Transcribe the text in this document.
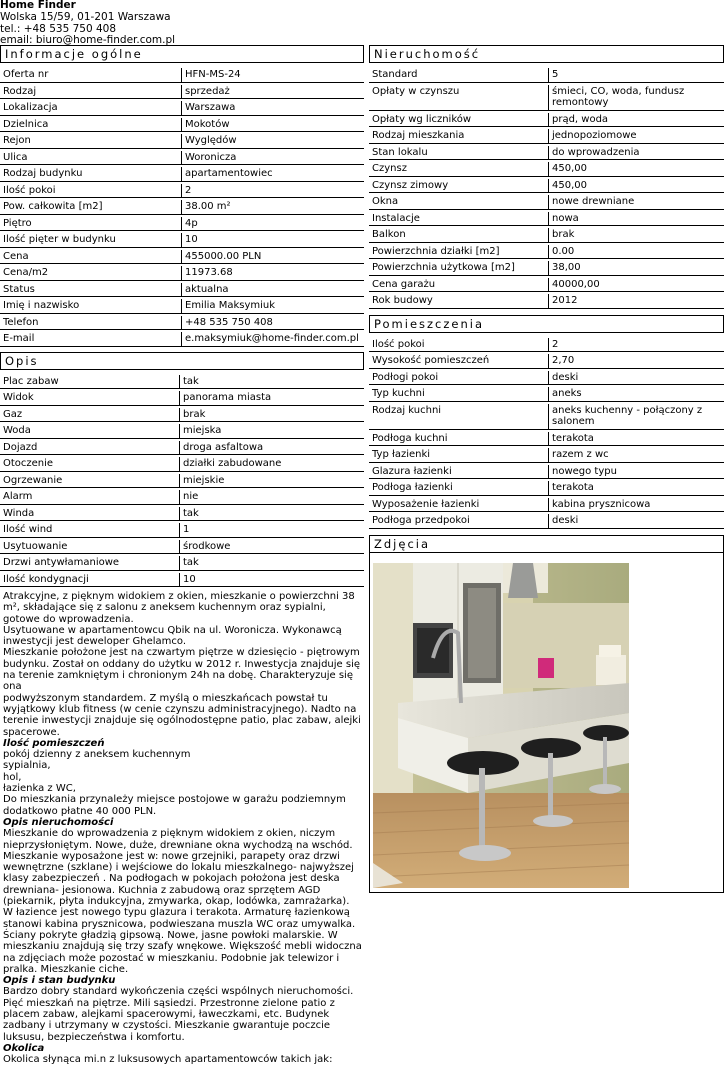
Home Finder
Wolska 15/59, 01-201 Warszawa
tel.: +48 535 750 408
email: biuro@home-finder.com.pl
Informacje ogólne
Oferta nr	HFN-MS-24
Rodzaj	sprzedaż
Lokalizacja	Warszawa
Dzielnica	Mokotów
Rejon	Wyględów
Ulica	Woronicza
Rodzaj budynku	apartamentowiec
Ilość pokoi	2
Pow. całkowita [m2]	38.00 m²
Piętro	4p
Ilość pięter w budynku	10
Cena	455000.00 PLN
Cena/m2	11973.68
Status	aktualna
Imię i nazwisko	Emilia Maksymiuk
Telefon	+48 535 750 408
E-mail	e.maksymiuk@home-finder.com.pl
Opis
Plac zabaw	tak
Widok	panorama miasta
Gaz	brak
Woda	miejska
Dojazd	droga asfaltowa
Otoczenie	działki zabudowane
Ogrzewanie	miejskie
Alarm	nie
Winda	tak
Ilość wind	1
Usytuowanie	środkowe
Drzwi antywłamaniowe	tak
Ilość kondygnacji	10

Atrakcyjne, z pięknym widokiem z okien, mieszkanie o powierzchni 38 m², składające się z salonu z aneksem kuchennym oraz sypialni, gotowe do wprowadzenia.

Usytuowane w apartamentowcu Qbik na ul. Woronicza. Wykonawcą inwestycji jest deweloper Ghelamco.

Mieszkanie położone jest na czwartym piętrze w dziesięcio - piętrowym budynku. Został on oddany do użytku w 2012 r. Inwestycja znajduje się na terenie zamkniętym i chronionym 24h na dobę. Charakteryzuje się ona

podwyższonym standardem. Z myślą o mieszkańcach powstał tu wyjątkowy klub fitness (w cenie czynszu administracyjnego). Nadto na terenie inwestycji znajduje się ogólnodostępne patio, plac zabaw, alejki spacerowe.

Ilość pomieszczeń

pokój dzienny z aneksem kuchennym

sypialnia,

hol,

łazienka z WC,

Do mieszkania przynależy miejsce postojowe w garażu podziemnym dodatkowo płatne 40 000 PLN.

Opis nieruchomości

Mieszkanie do wprowadzenia z pięknym widokiem z okien, niczym nieprzysłoniętym. Nowe, duże, drewniane okna wychodzą na wschód. Mieszkanie wyposażone jest w: nowe grzejniki, parapety oraz drzwi wewnętrzne (szklane) i wejściowe do lokalu mieszkalnego- najwyższej klasy zabezpieczeń . Na podłogach w pokojach położona jest deska drewniana- jesionowa. Kuchnia z zabudową oraz sprzętem AGD (piekarnik, płyta indukcyjna, zmywarka, okap, lodówka, zamrażarka). W łazience jest nowego typu glazura i terakota. Armaturę łazienkową stanowi kabina prysznicowa, podwieszana muszla WC oraz umywalka. Ściany pokryte gładzią gipsową. Nowe, jasne powłoki malarskie. W mieszkaniu znajdują się trzy szafy wnękowe. Większość mebli widoczna na zdjęciach może pozostać w mieszkaniu. Podobnie jak telewizor i pralka. Mieszkanie ciche.

Opis i stan budynku

Bardzo dobry standard wykończenia części wspólnych nieruchomości. Pięć mieszkań na piętrze. Mili sąsiedzi. Przestronne zielone patio z placem zabaw, alejkami spacerowymi, ławeczkami, etc. Budynek zadbany i utrzymany w czystości. Mieszkanie gwarantuje poczcie luksusu, bezpieczeństwa i komfortu.

Okolica

Okolica słynąca mi.n z luksusowych apartamentowców takich jak:

Nieruchomość
Standard	5
Opłaty w czynszu	śmieci, CO, woda, fundusz remontowy
Opłaty wg liczników	prąd, woda
Rodzaj mieszkania	jednopoziomowe
Stan lokalu	do wprowadzenia
Czynsz	450,00
Czynsz zimowy	450,00
Okna	nowe drewniane
Instalacje	nowa
Balkon	brak
Powierzchnia działki [m2]	0.00
Powierzchnia użytkowa [m2]	38,00
Cena garażu	40000,00
Rok budowy	2012
Pomieszczenia
Ilość pokoi	2
Wysokość pomieszczeń	2,70
Podłogi pokoi	deski
Typ kuchni	aneks
Rodzaj kuchni	aneks kuchenny - połączony z salonem
Podłoga kuchni	terakota
Typ łazienki	razem z wc
Glazura łazienki	nowego typu
Podłoga łazienki	terakota
Wyposażenie łazienki	kabina prysznicowa
Podłoga przedpokoi	deski
Zdjęcia
